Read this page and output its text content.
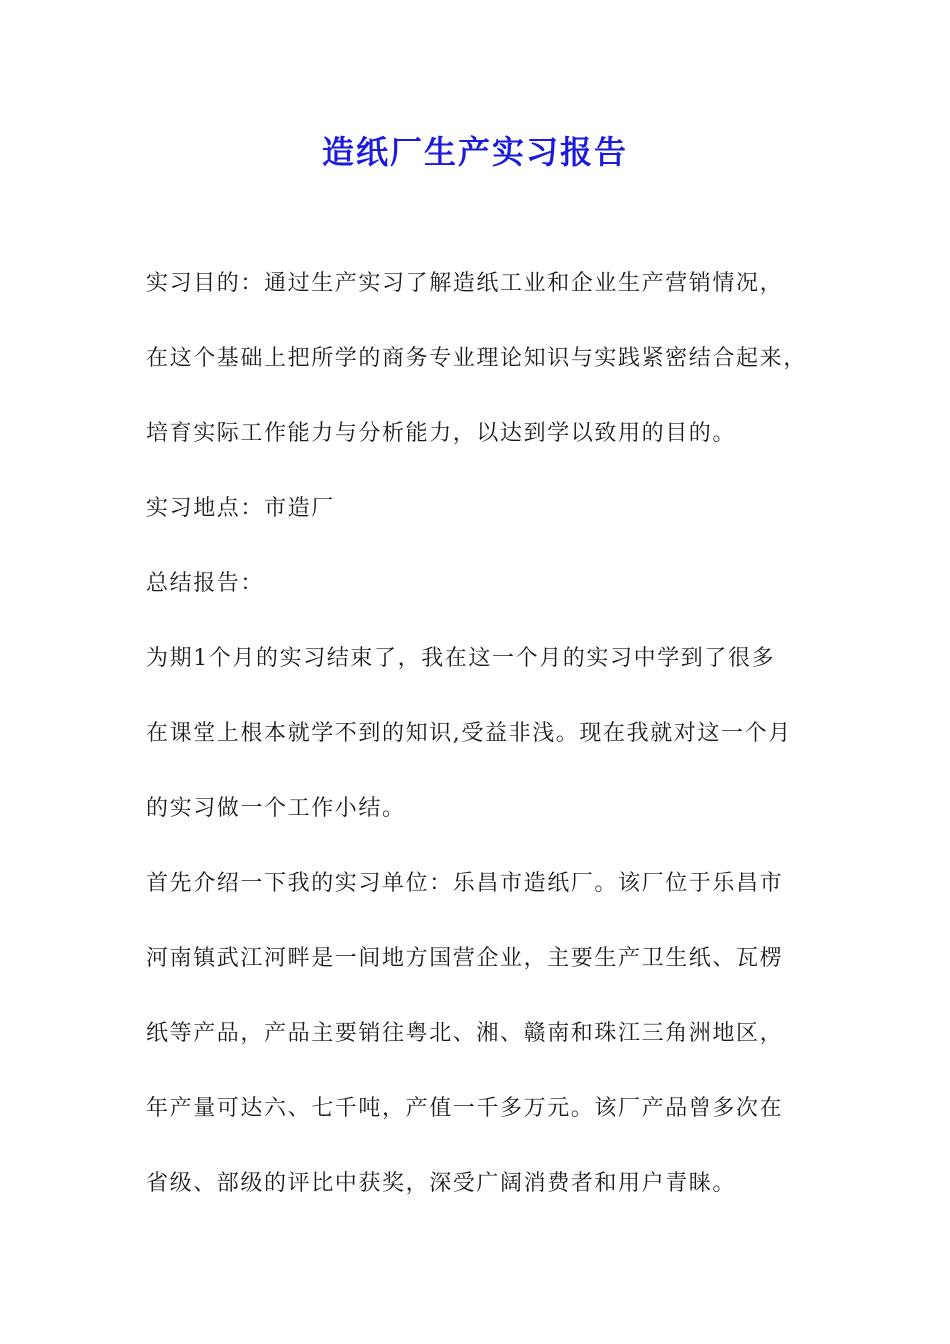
造纸厂生产实习报告
实习目的：通过生产实习了解造纸工业和企业生产营销情况，
在这个基础上把所学的商务专业理论知识与实践紧密结合起来，
培育实际工作能力与分析能力，以达到学以致用的目的。
实习地点：市造厂
总结报告：
为期1个月的实习结束了，我在这一个月的实习中学到了很多
在课堂上根本就学不到的知识,受益非浅。现在我就对这一个月
的实习做一个工作小结。
首先介绍一下我的实习单位：乐昌市造纸厂。该厂位于乐昌市
河南镇武江河畔是一间地方国营企业，主要生产卫生纸、瓦楞
纸等产品，产品主要销往粤北、湘、赣南和珠江三角洲地区，
年产量可达六、七千吨，产值一千多万元。该厂产品曾多次在
省级、部级的评比中获奖，深受广阔消费者和用户青睐。
